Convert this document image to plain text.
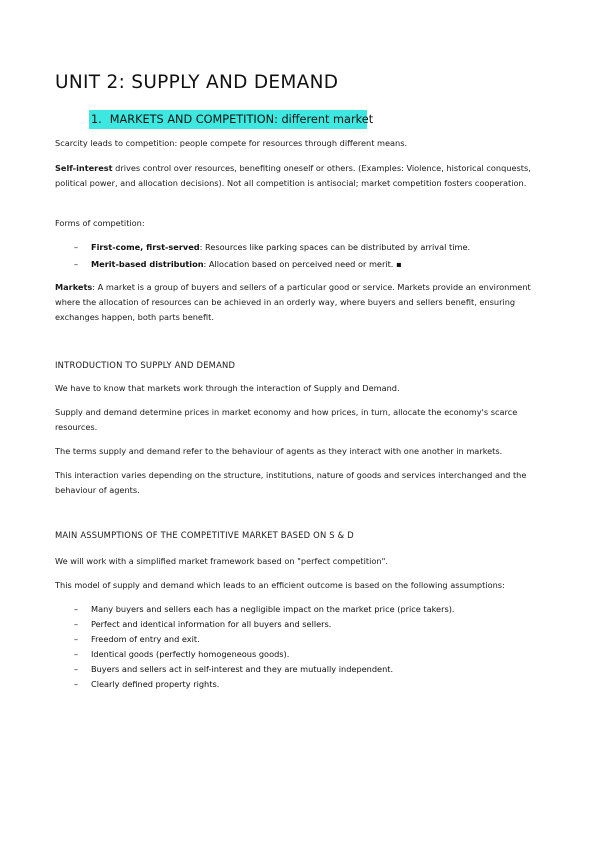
UNIT 2: SUPPLY AND DEMAND
1. MARKETS AND COMPETITION: different market

Scarcity leads to competition: people compete for resources through different means.

Self-interest drives control over resources, benefiting oneself or others. (Examples: Violence, historical conquests, political power, and allocation decisions). Not all competition is antisocial; market competition fosters cooperation.

Forms of competition:

– First-come, first-served: Resources like parking spaces can be distributed by arrival time.

– Merit-based distribution: Allocation based on perceived need or merit. ▪

Markets: A market is a group of buyers and sellers of a particular good or service. Markets provide an environment where the allocation of resources can be achieved in an orderly way, where buyers and sellers benefit, ensuring exchanges happen, both parts benefit.

INTRODUCTION TO SUPPLY AND DEMAND

We have to know that markets work through the interaction of Supply and Demand.

Supply and demand determine prices in market economy and how prices, in turn, allocate the economy's scarce resources.

The terms supply and demand refer to the behaviour of agents as they interact with one another in markets.

This interaction varies depending on the structure, institutions, nature of goods and services interchanged and the behaviour of agents.

MAIN ASSUMPTIONS OF THE COMPETITIVE MARKET BASED ON S & D

We will work with a simplified market framework based on "perfect competition".

This model of supply and demand which leads to an efficient outcome is based on the following assumptions:

– Many buyers and sellers each has a negligible impact on the market price (price takers).

– Perfect and identical information for all buyers and sellers.

– Freedom of entry and exit.

– Identical goods (perfectly homogeneous goods).

– Buyers and sellers act in self-interest and they are mutually independent.

– Clearly defined property rights.
